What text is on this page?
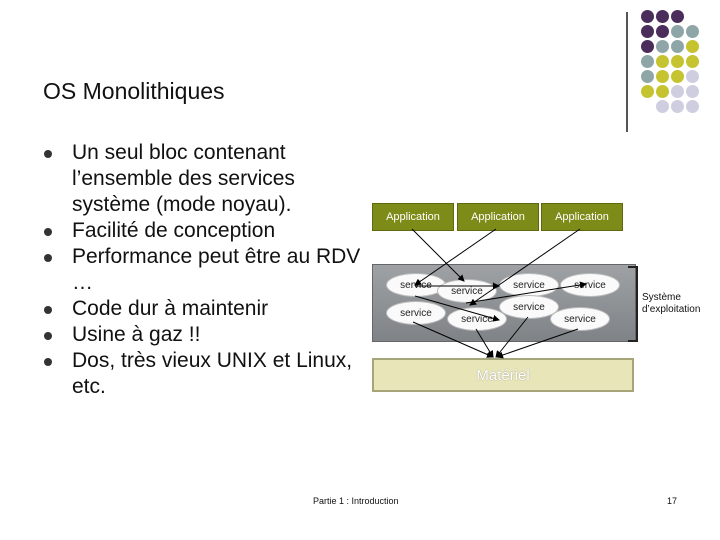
OS Monolithiques
Un seul bloc contenant l’ensemble des services système (mode noyau).
Facilité de conception
Performance peut être au RDV …
Code dur à maintenir
Usine à gaz !!
Dos, très vieux UNIX et Linux, etc.
Application	Application	Application
service
service
service	service
service
service
service
service
Matériel
Système d’exploitation
Partie 1 : Introduction	17
